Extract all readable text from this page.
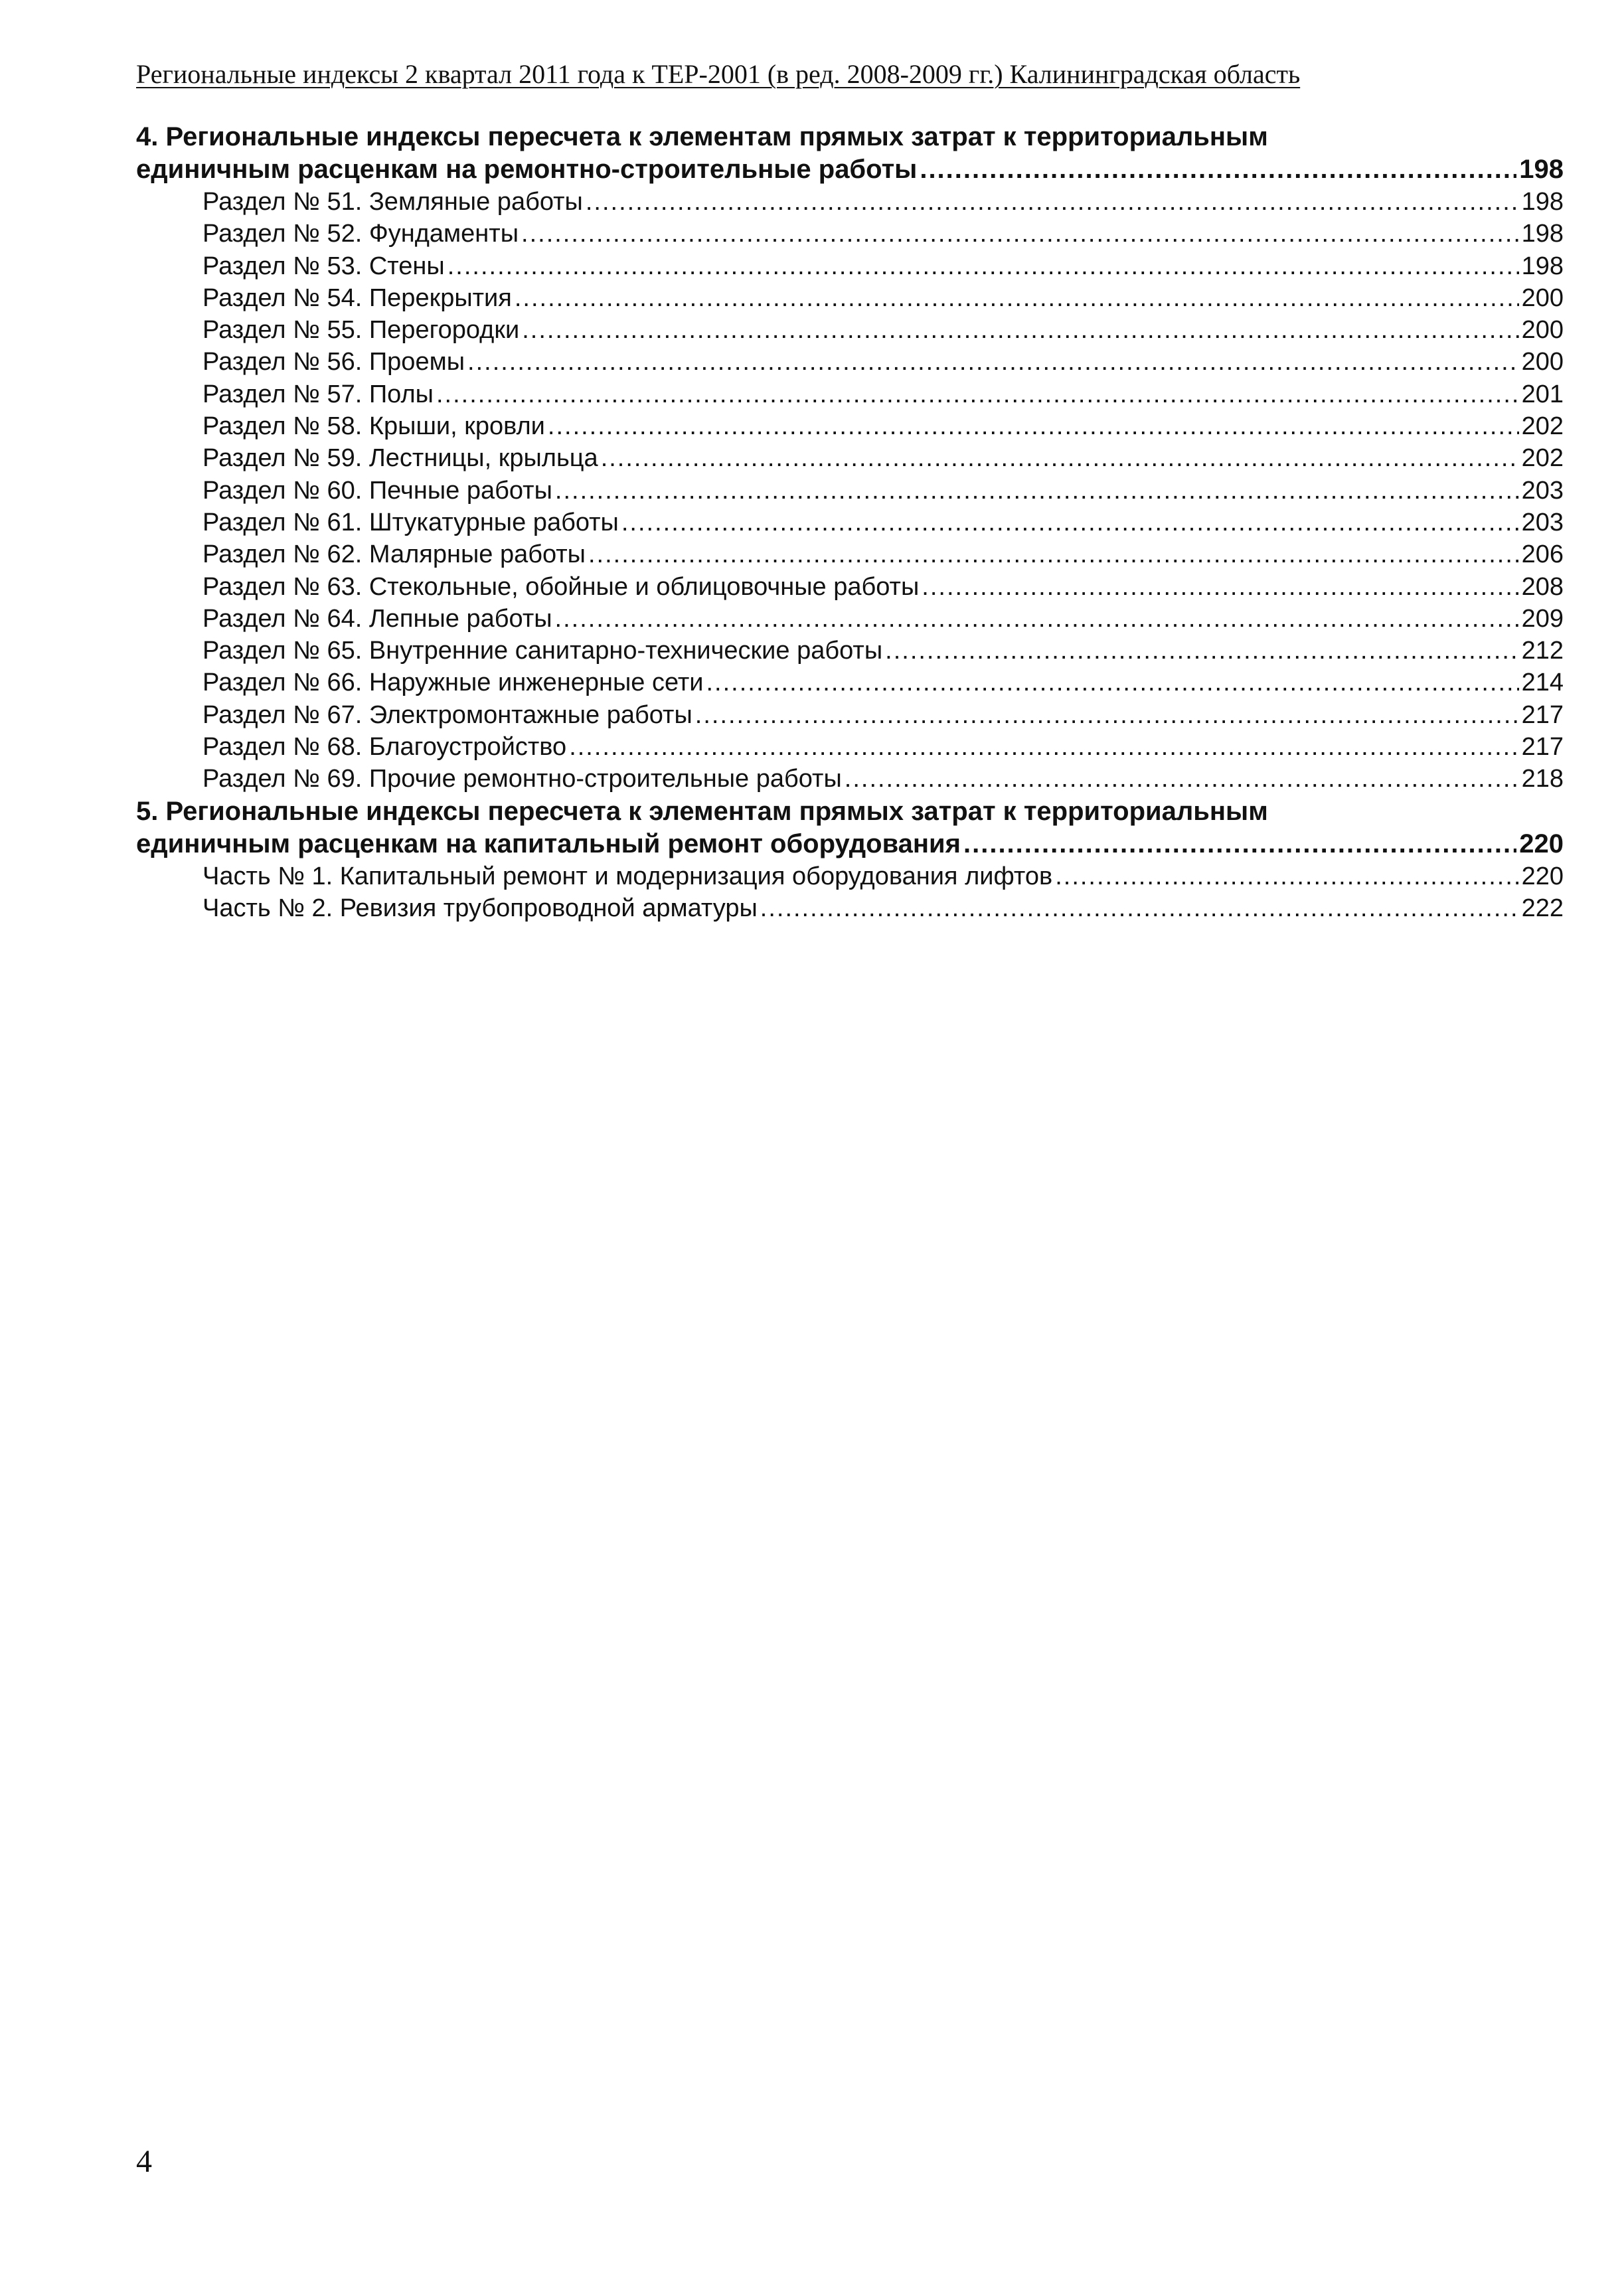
Региональные индексы 2 квартал 2011 года к ТЕР-2001 (в ред. 2008-2009 гг.) Калининградская область
4. Региональные индексы пересчета к элементам прямых затрат к территориальным
единичным расценкам на ремонтно-строительные работы .....	198
Раздел № 51. Земляные работы .....	198
Раздел № 52. Фундаменты .....	198
Раздел № 53. Стены .....	198
Раздел № 54. Перекрытия .....	200
Раздел № 55. Перегородки .....	200
Раздел № 56. Проемы .....	200
Раздел № 57. Полы .....	201
Раздел № 58. Крыши, кровли .....	202
Раздел № 59. Лестницы, крыльца .....	202
Раздел № 60. Печные работы .....	203
Раздел № 61. Штукатурные работы .....	203
Раздел № 62. Малярные работы .....	206
Раздел № 63. Стекольные, обойные и облицовочные работы .....	208
Раздел № 64. Лепные работы .....	209
Раздел № 65. Внутренние санитарно-технические работы .....	212
Раздел № 66. Наружные инженерные сети .....	214
Раздел № 67. Электромонтажные работы .....	217
Раздел № 68. Благоустройство .....	217
Раздел № 69. Прочие ремонтно-строительные работы .....	218
5. Региональные индексы пересчета к элементам прямых затрат к территориальным
единичным расценкам на капитальный ремонт оборудования .....	220
Часть № 1. Капитальный ремонт и модернизация оборудования лифтов .....	220
Часть № 2. Ревизия трубопроводной арматуры .....	222
4
